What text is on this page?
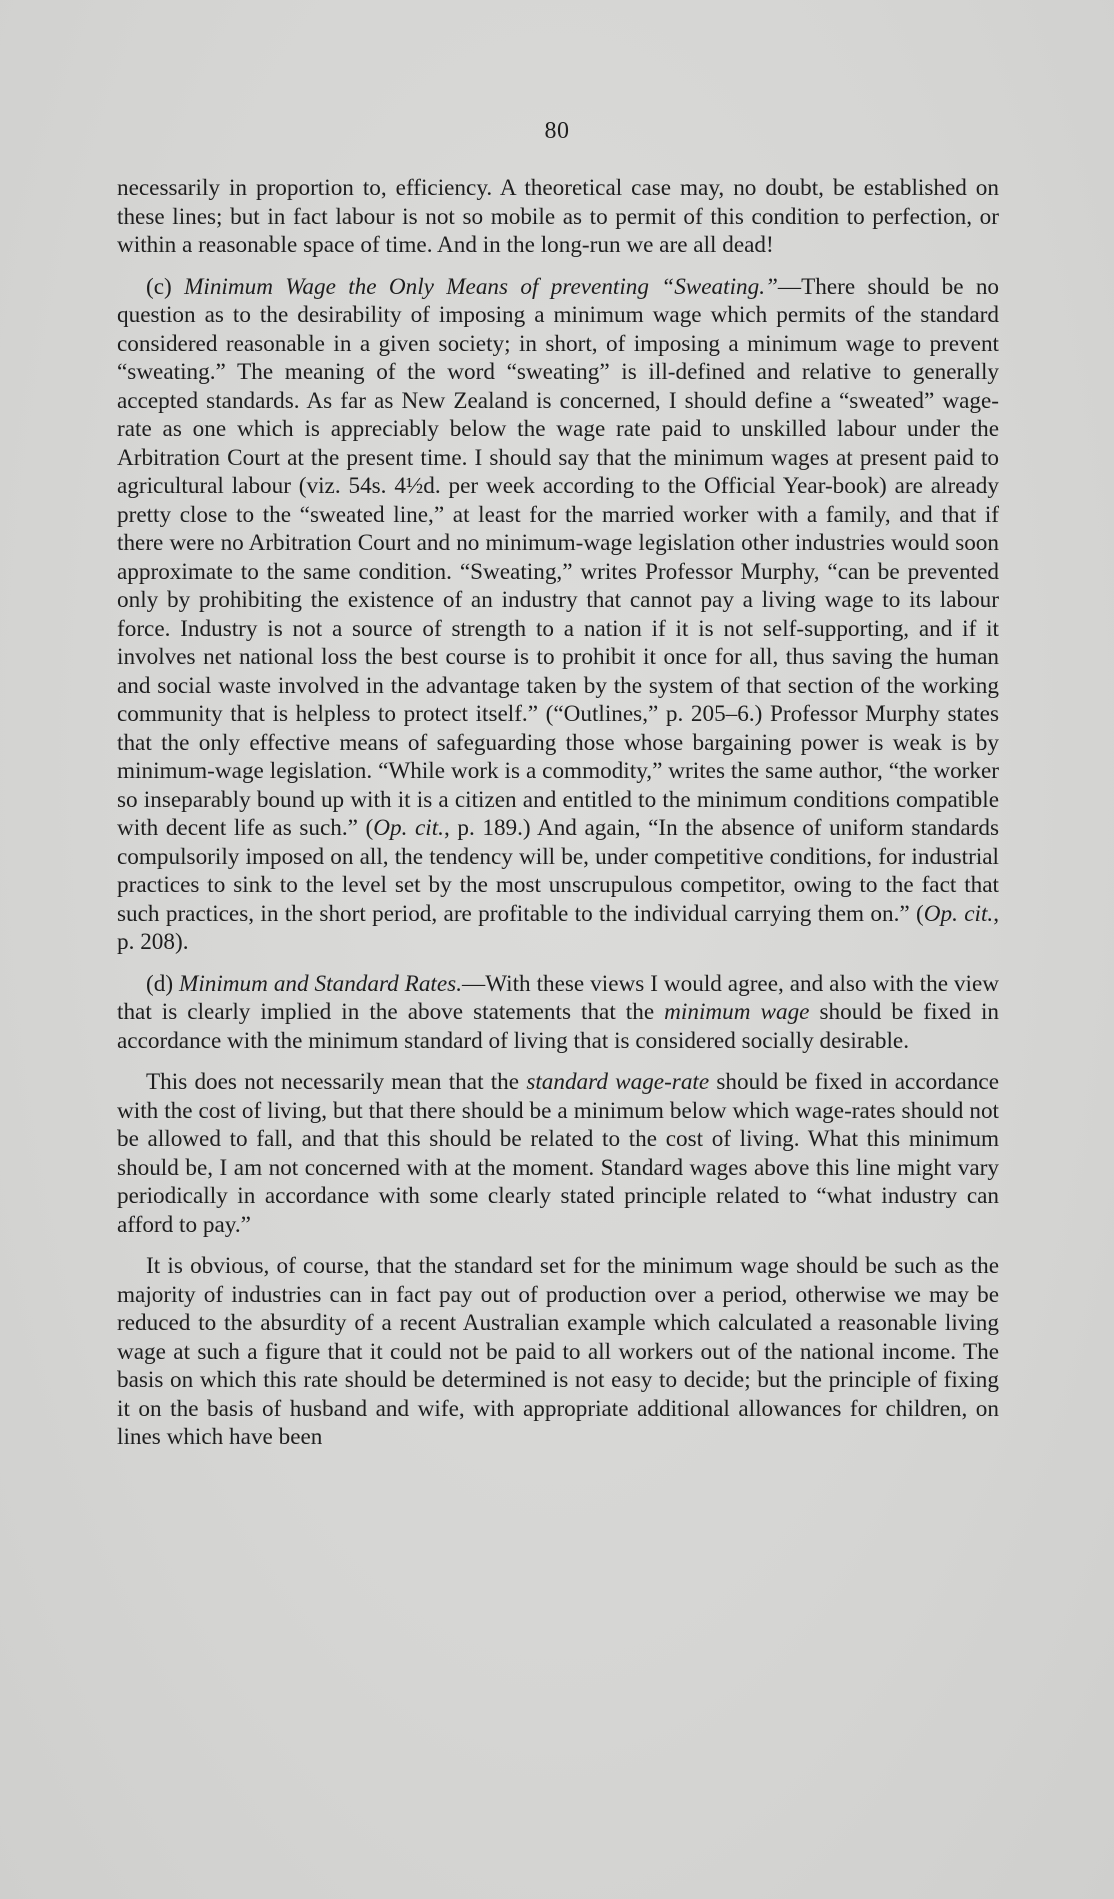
80

necessarily in proportion to, efficiency. A theoretical case may, no doubt, be established on these lines; but in fact labour is not so mobile as to permit of this condition to perfection, or within a reasonable space of time. And in the long-run we are all dead!

(c) Minimum Wage the Only Means of preventing “Sweating.”—There should be no question as to the desirability of imposing a minimum wage which permits of the standard considered reasonable in a given society; in short, of imposing a minimum wage to prevent “sweating.” The meaning of the word “sweating” is ill-defined and relative to generally accepted standards. As far as New Zealand is concerned, I should define a “sweated” wage-rate as one which is appreciably below the wage rate paid to unskilled labour under the Arbitration Court at the present time. I should say that the minimum wages at present paid to agricultural labour (viz. 54s. 4½d. per week according to the Official Year-book) are already pretty close to the “sweated line,” at least for the married worker with a family, and that if there were no Arbitration Court and no minimum-wage legislation other industries would soon approximate to the same condition. “Sweating,” writes Professor Murphy, “can be prevented only by prohibiting the existence of an industry that cannot pay a living wage to its labour force. Industry is not a source of strength to a nation if it is not self-supporting, and if it involves net national loss the best course is to prohibit it once for all, thus saving the human and social waste involved in the advantage taken by the system of that section of the working community that is helpless to protect itself.” (“Outlines,” p. 205–6.) Professor Murphy states that the only effective means of safeguarding those whose bargaining power is weak is by minimum-wage legislation. “While work is a commodity,” writes the same author, “the worker so inseparably bound up with it is a citizen and entitled to the minimum conditions compatible with decent life as such.” (Op. cit., p. 189.) And again, “In the absence of uniform standards compulsorily imposed on all, the tendency will be, under competitive conditions, for industrial practices to sink to the level set by the most unscrupulous competitor, owing to the fact that such practices, in the short period, are profitable to the individual carrying them on.” (Op. cit., p. 208).

(d) Minimum and Standard Rates.—With these views I would agree, and also with the view that is clearly implied in the above statements that the minimum wage should be fixed in accordance with the minimum standard of living that is considered socially desirable.

This does not necessarily mean that the standard wage-rate should be fixed in accordance with the cost of living, but that there should be a minimum below which wage-rates should not be allowed to fall, and that this should be related to the cost of living. What this minimum should be, I am not concerned with at the moment. Standard wages above this line might vary periodically in accordance with some clearly stated principle related to “what industry can afford to pay.”

It is obvious, of course, that the standard set for the minimum wage should be such as the majority of industries can in fact pay out of production over a period, otherwise we may be reduced to the absurdity of a recent Australian example which calculated a reasonable living wage at such a figure that it could not be paid to all workers out of the national income. The basis on which this rate should be determined is not easy to decide; but the principle of fixing it on the basis of husband and wife, with appropriate additional allowances for children, on lines which have been
